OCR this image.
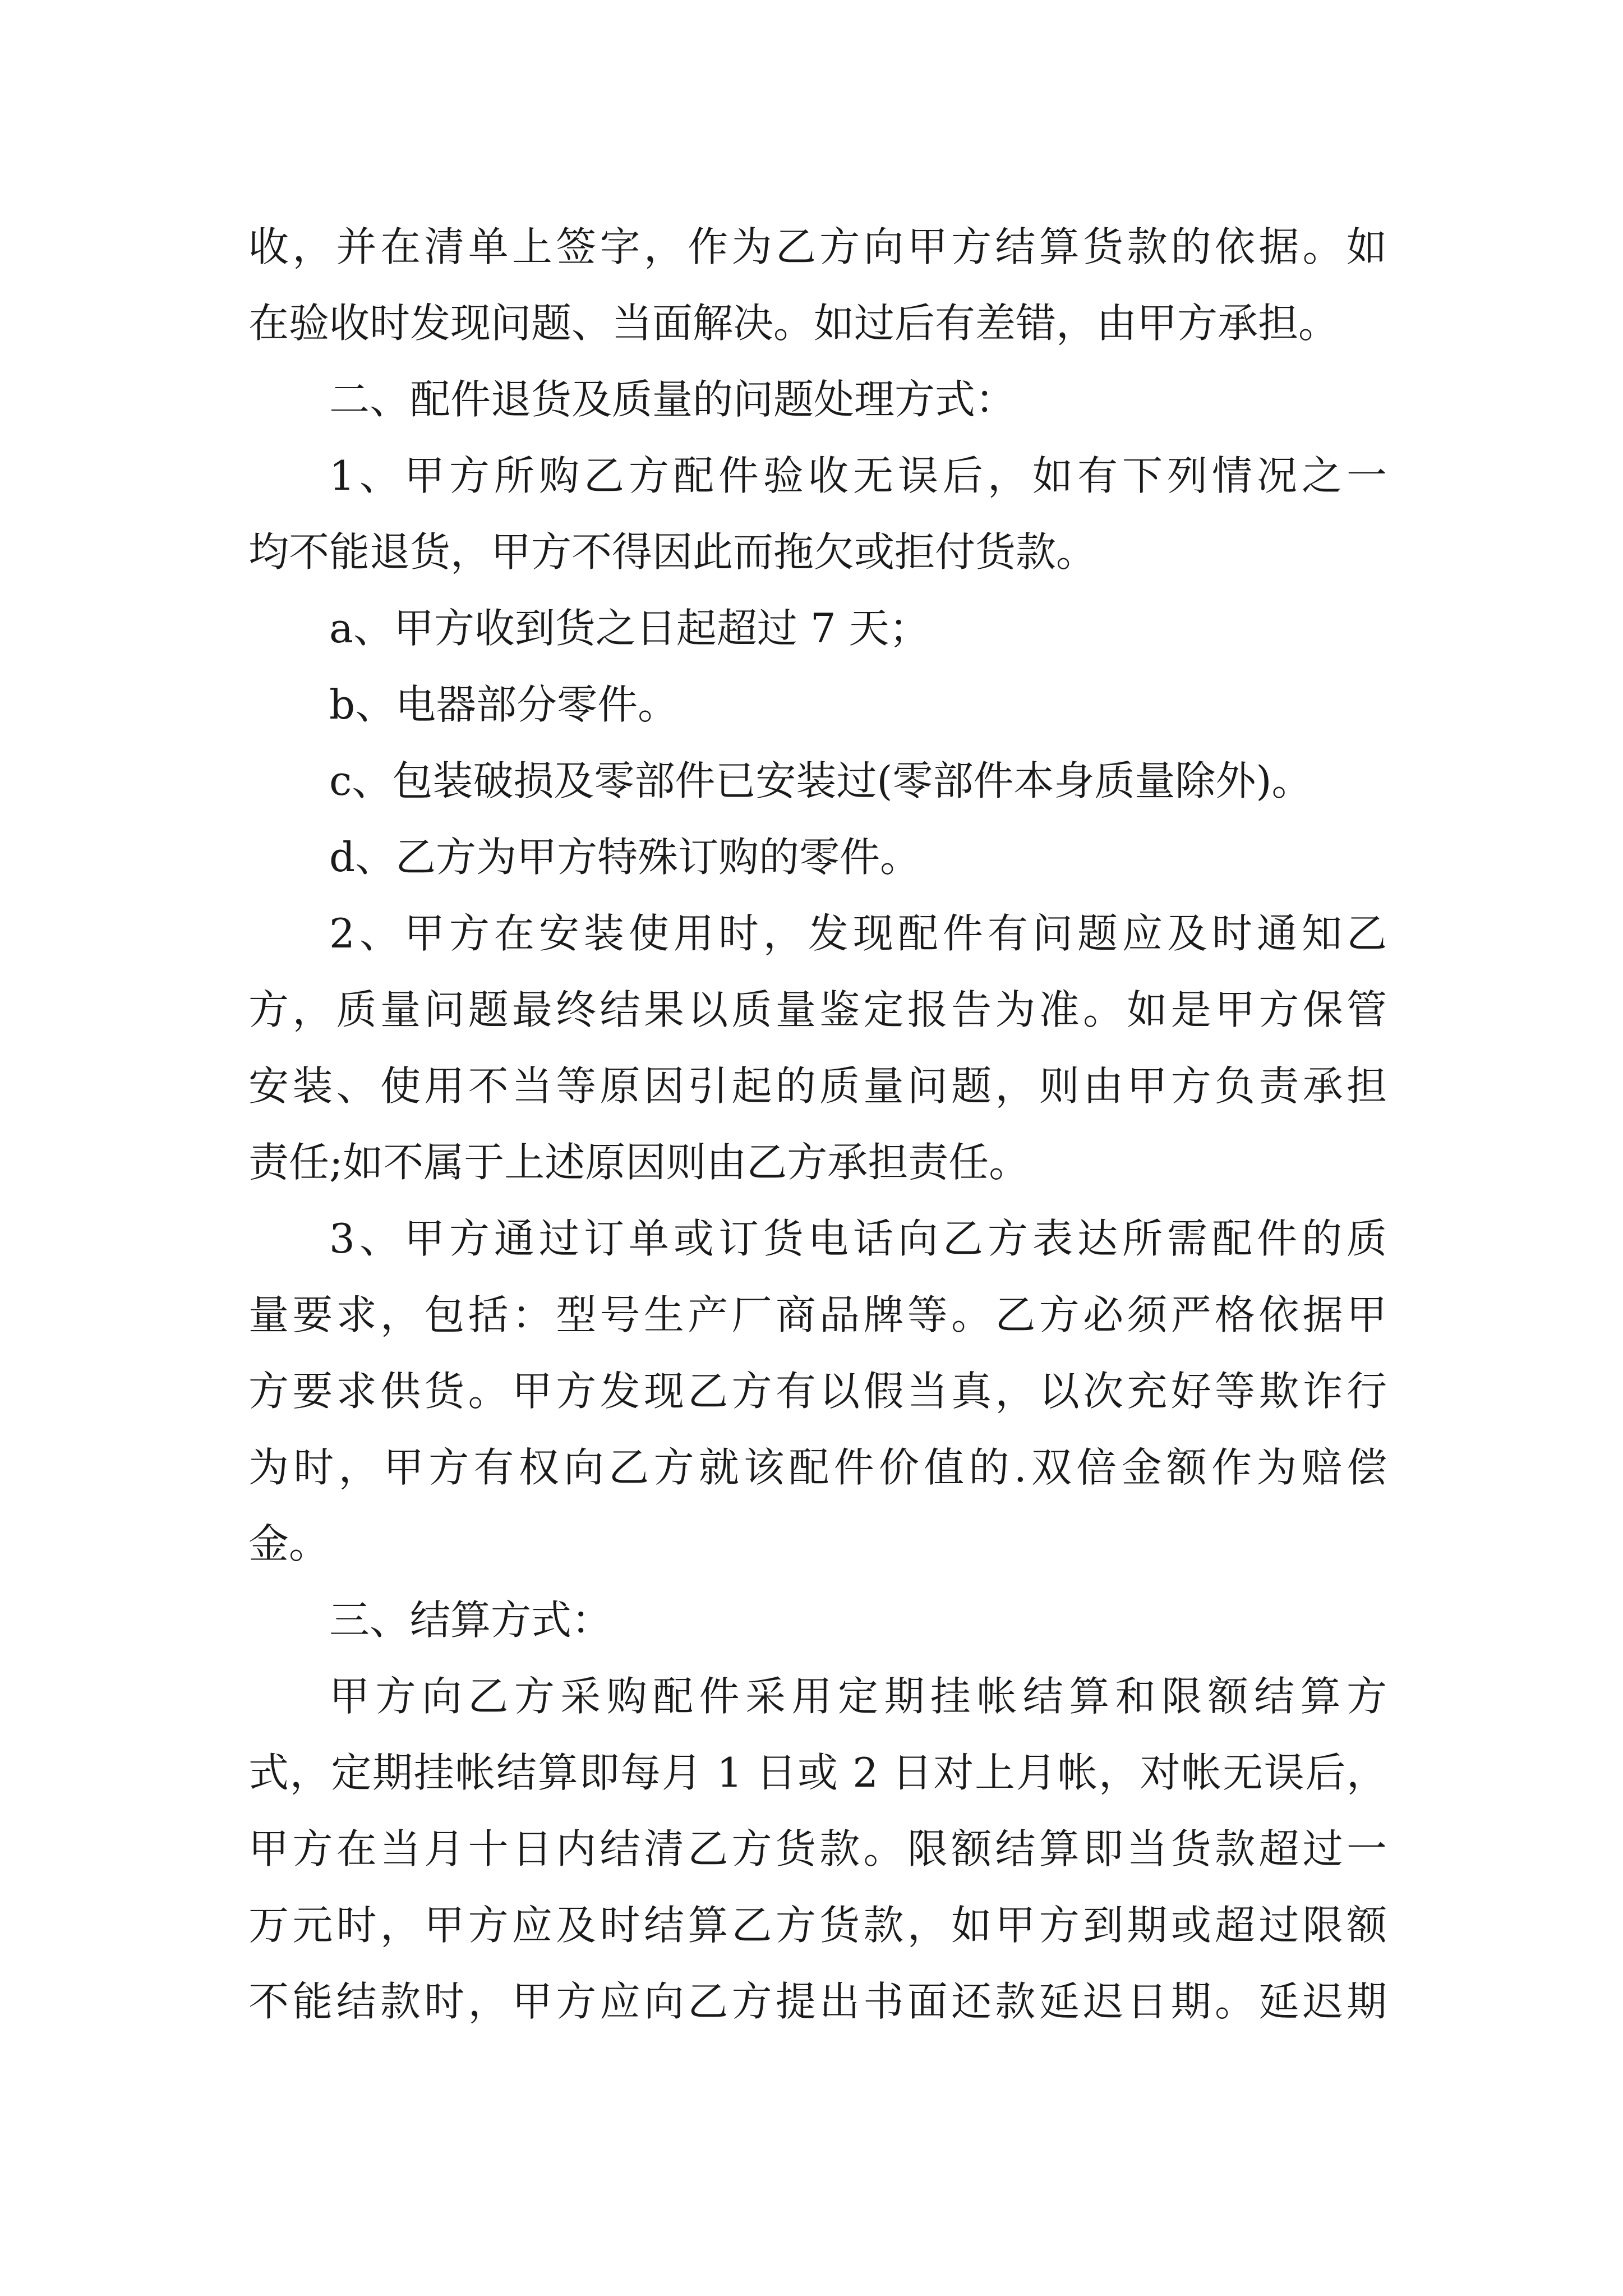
收，并在清单上签字，作为乙方向甲方结算货款的依据。如
在验收时发现问题、当面解决。如过后有差错，由甲方承担。
二、配件退货及质量的问题处理方式：
1、甲方所购乙方配件验收无误后，如有下列情况之一
均不能退货，甲方不得因此而拖欠或拒付货款。
a、甲方收到货之日起超过 7 天；
b、电器部分零件。
c、包装破损及零部件已安装过(零部件本身质量除外)。
d、乙方为甲方特殊订购的零件。
2、甲方在安装使用时，发现配件有问题应及时通知乙
方，质量问题最终结果以质量鉴定报告为准。如是甲方保管
安装、使用不当等原因引起的质量问题，则由甲方负责承担
责任;如不属于上述原因则由乙方承担责任。
3、甲方通过订单或订货电话向乙方表达所需配件的质
量要求，包括：型号生产厂商品牌等。乙方必须严格依据甲
方要求供货。甲方发现乙方有以假当真，以次充好等欺诈行
为时，甲方有权向乙方就该配件价值的.双倍金额作为赔偿
金。
三、结算方式：
甲方向乙方采购配件采用定期挂帐结算和限额结算方
式，定期挂帐结算即每月 1 日或 2 日对上月帐，对帐无误后，
甲方在当月十日内结清乙方货款。限额结算即当货款超过一
万元时，甲方应及时结算乙方货款，如甲方到期或超过限额
不能结款时，甲方应向乙方提出书面还款延迟日期。延迟期
